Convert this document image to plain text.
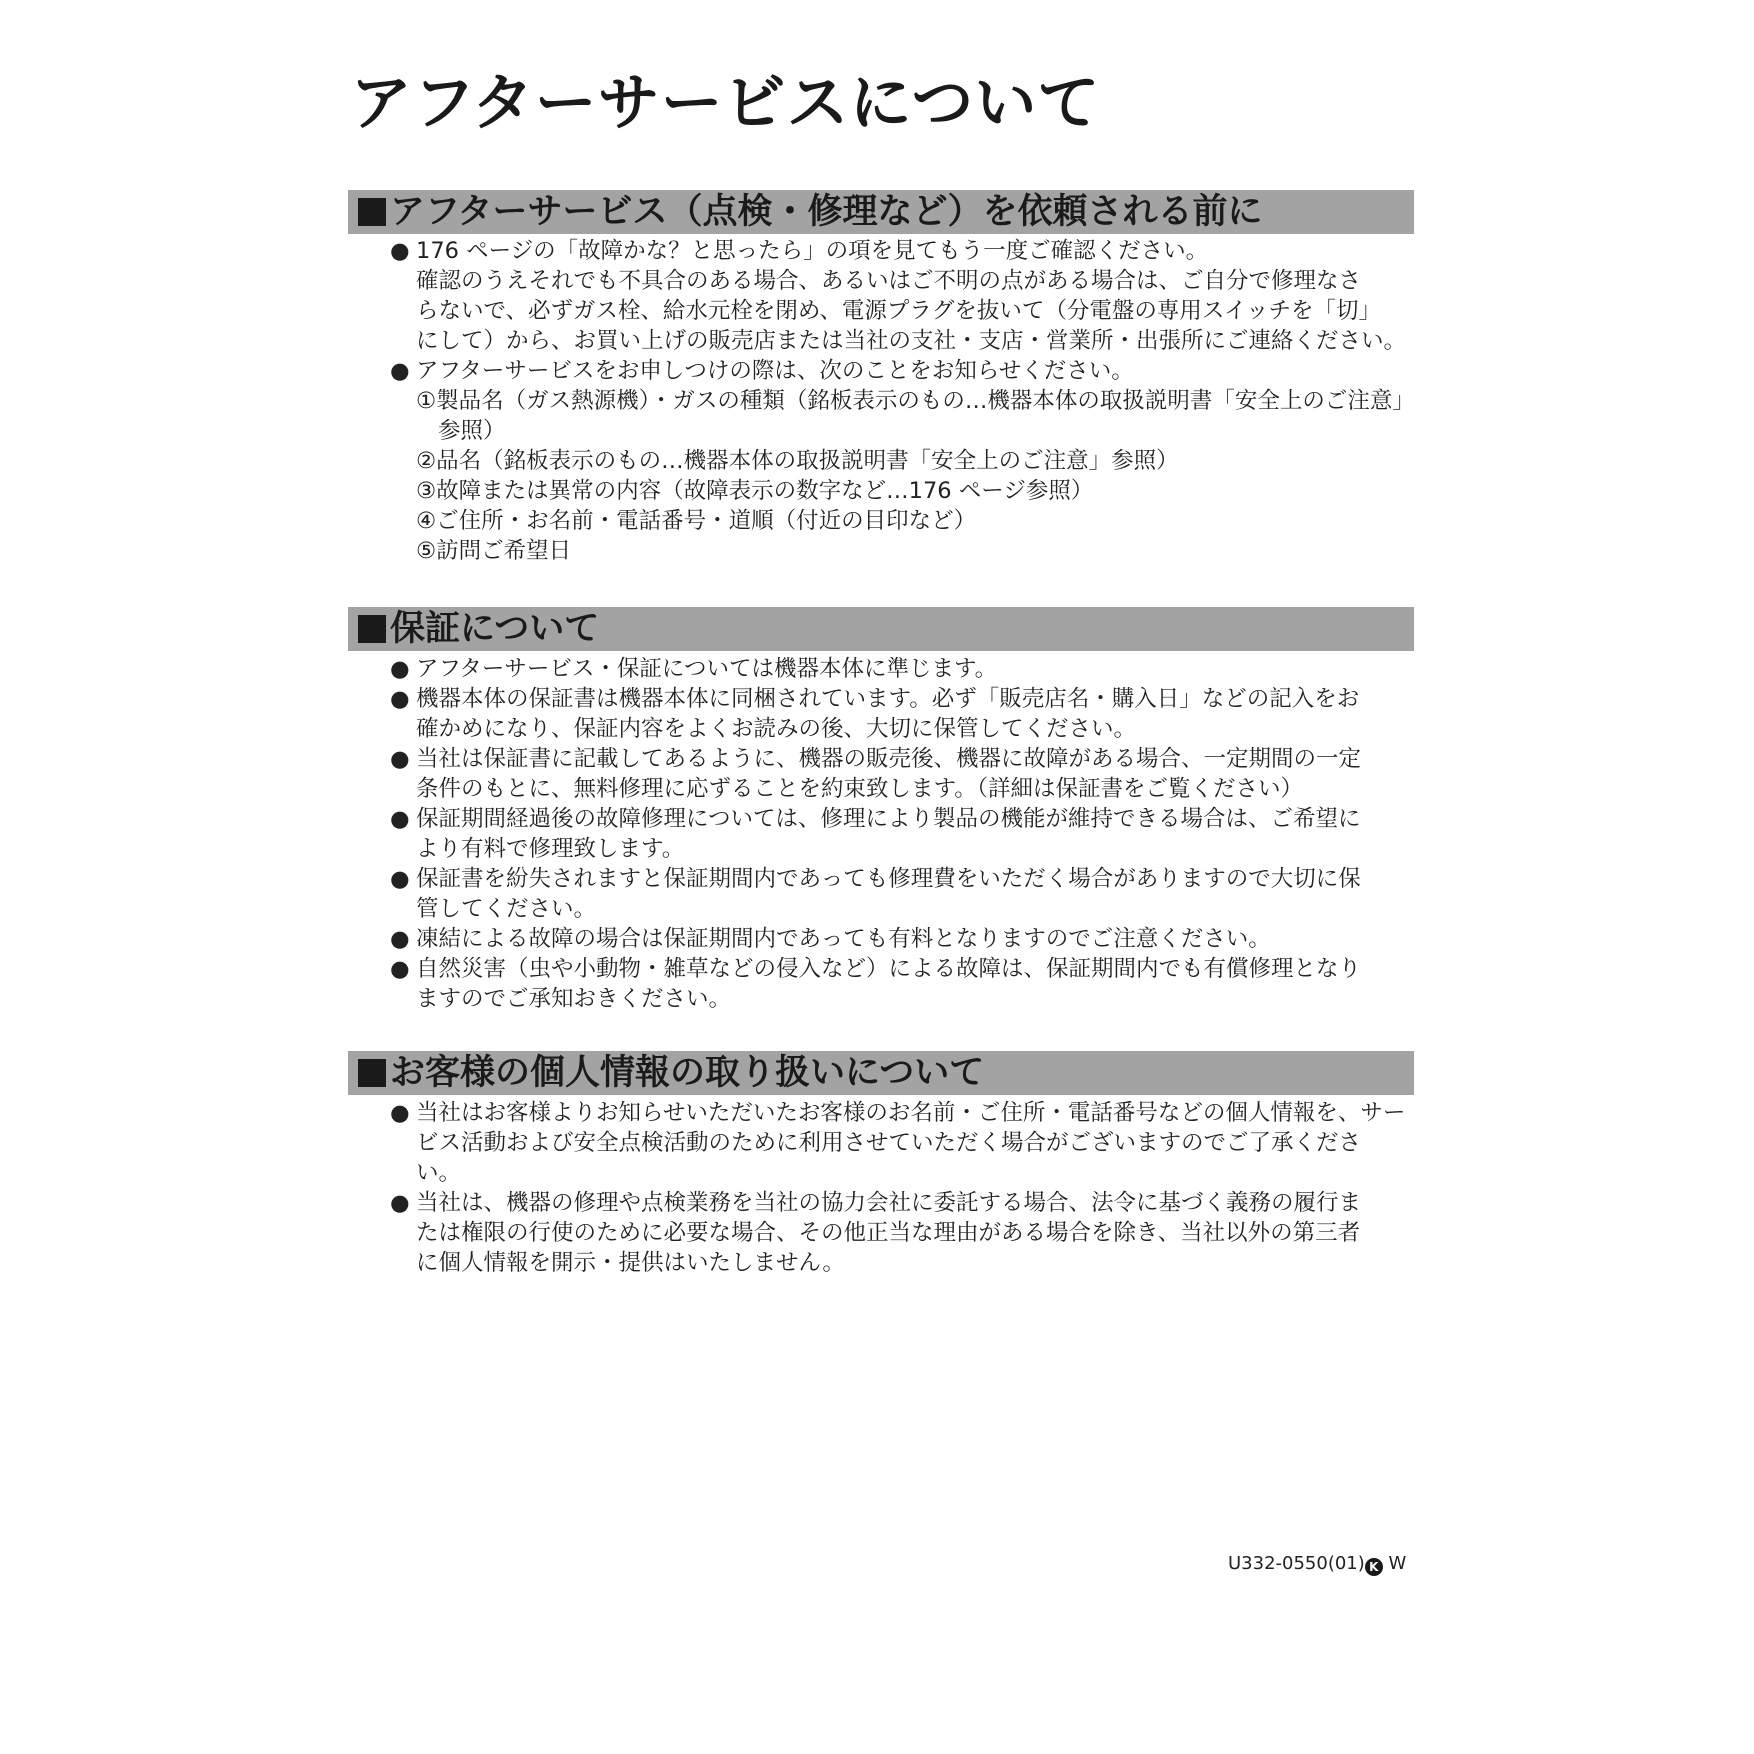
アフターサービスについて
アフターサービス（点検・修理など）を依頼される前に
● 176 ページの「故障かな？と思ったら」の項を見てもう一度ご確認ください。
確認のうえそれでも不具合のある場合、あるいはご不明の点がある場合は、ご自分で修理なさ
らないで、必ずガス栓、給水元栓を閉め、電源プラグを抜いて（分電盤の専用スイッチを「切」
にして）から、お買い上げの販売店または当社の支社・支店・営業所・出張所にご連絡ください。
● アフターサービスをお申しつけの際は、次のことをお知らせください。
①製品名（ガス熱源機）・ガスの種類（銘板表示のもの…機器本体の取扱説明書「安全上のご注意」
参照）
②品名（銘板表示のもの…機器本体の取扱説明書「安全上のご注意」参照）
③故障または異常の内容（故障表示の数字など…176 ページ参照）
④ご住所・お名前・電話番号・道順（付近の目印など）
⑤訪問ご希望日
保証について
● アフターサービス・保証については機器本体に準じます。
● 機器本体の保証書は機器本体に同梱されています。必ず「販売店名・購入日」などの記入をお
確かめになり、保証内容をよくお読みの後、大切に保管してください。
● 当社は保証書に記載してあるように、機器の販売後、機器に故障がある場合、一定期間の一定
条件のもとに、無料修理に応ずることを約束致します。（詳細は保証書をご覧ください）
● 保証期間経過後の故障修理については、修理により製品の機能が維持できる場合は、ご希望に
より有料で修理致します。
● 保証書を紛失されますと保証期間内であっても修理費をいただく場合がありますので大切に保
管してください。
● 凍結による故障の場合は保証期間内であっても有料となりますのでご注意ください。
● 自然災害（虫や小動物・雑草などの侵入など）による故障は、保証期間内でも有償修理となり
ますのでご承知おきください。
お客様の個人情報の取り扱いについて
● 当社はお客様よりお知らせいただいたお客様のお名前・ご住所・電話番号などの個人情報を、サー
ビス活動および安全点検活動のために利用させていただく場合がございますのでご了承くださ
い。
● 当社は、機器の修理や点検業務を当社の協力会社に委託する場合、法令に基づく義務の履行ま
たは権限の行使のために必要な場合、その他正当な理由がある場合を除き、当社以外の第三者
に個人情報を開示・提供はいたしません。
U332-0550(01) K W
